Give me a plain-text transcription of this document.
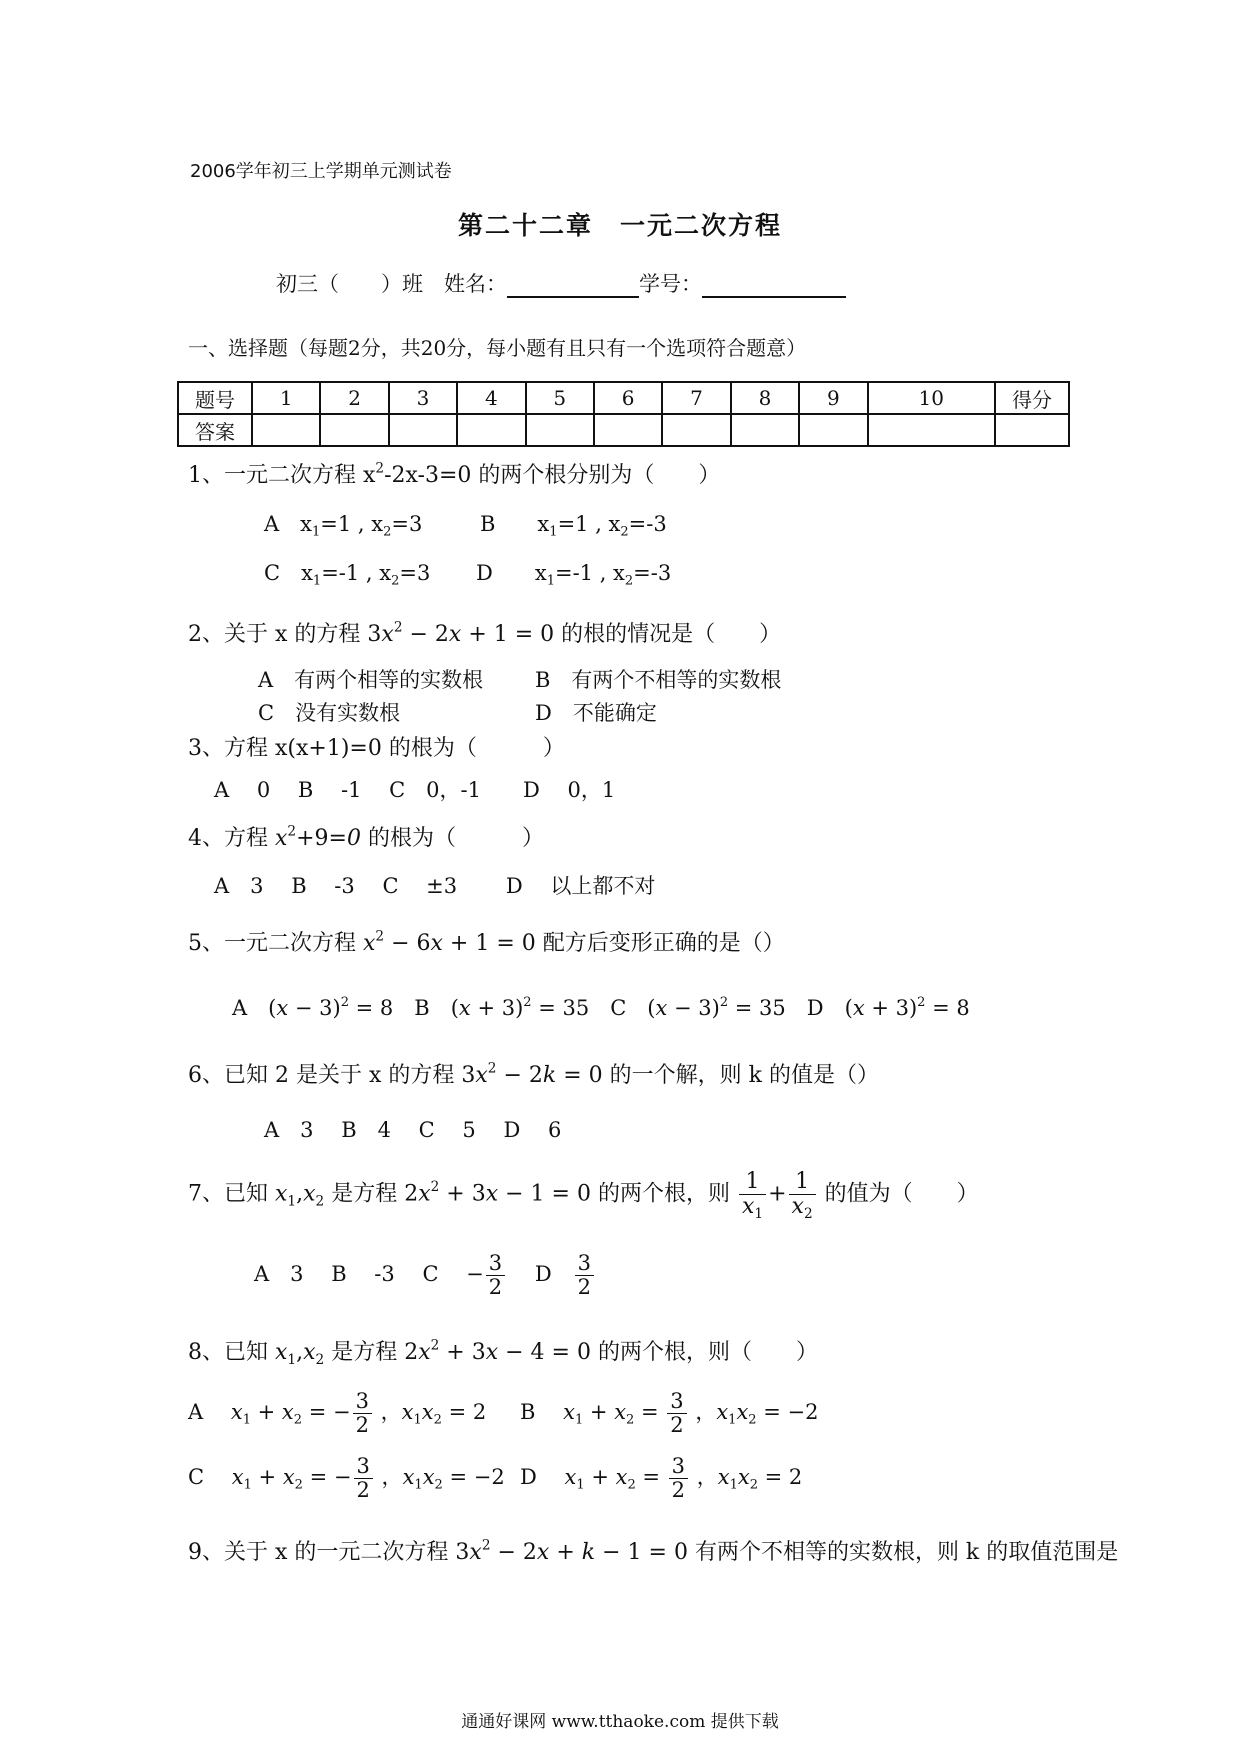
2006学年初三上学期单元测试卷
第二十二章　一元二次方程
初三（　　）班　姓名：	学号：
一、选择题（每题2分，共20分，每小题有且只有一个选项符合题意）
题号	1	2	3	4	5	6	7	8	9	10	得分
答案											
1、一元二次方程 $x^2-2x-3=0$ 的两个根分别为（　　）
A　$x_1=1$ , $x_2=3$	B　　$x_1=1$ , $x_2=-3$
C　$x_1=-1$ , $x_2=3$ D　　$x_1=-1$ , $x_2=-3$
2、关于 x 的方程 $3x^2 - 2x + 1 = 0$ 的根的情况是（　　）
A　有两个相等的实数根 B　有两个不相等的实数根
C　没有实数根	D　不能确定
3、方程 x(x+1)=0 的根为（　　　）
A　 0　 B　 -1　 C　0，-1　　D　 0，1
4、方程 $x^2+9=0$ 的根为（　　　）
A　3　 B　 -3　 C　 ±3　　 D　 以上都不对
5、一元二次方程 $x^2 - 6x + 1 = 0$ 配方后变形正确的是（）
A　$(x - 3)^2 = 8$　B　$(x + 3)^2 = 35$　C　$(x - 3)^2 = 35$　D　$(x + 3)^2 = 8$
6、已知 2 是关于 x 的方程 $3x^2 - 2k = 0$ 的一个解，则 k 的值是（）
A　3　 B　4　 C　 5　 D　 6
7、已知 $x_1,x_2$ 是方程 $2x^2 + 3x - 1 = 0$ 的两个根，则 $\frac{1}{x_1} + \frac{1}{x_2}$ 的值为（　　）
A　3　 B　 -3　 C　 − $\frac{3}{2}$ 　 D　 $\frac{3}{2}$
8、已知 $x_1,x_2$ 是方程 $2x^2 + 3x - 4 = 0$ 的两个根，则（　　）
A　 $x_1 + x_2$ = − $\frac{3}{2}$ ，$x_1x_2 = 2$ B　 $x_1 + x_2 = \frac{3}{2}$ ，$x_1x_2 = -2$
C　 $x_1 + x_2$ = − $\frac{3}{2}$ ，$x_1x_2 = -2$ D　 $x_1 + x_2 = \frac{3}{2}$ ，$x_1x_2 = 2$
9、关于 x 的一元二次方程 $3x^2 - 2x + k - 1 = 0$ 有两个不相等的实数根，则 k 的取值范围是
通通好课网 www.tthaoke.com 提供下载
